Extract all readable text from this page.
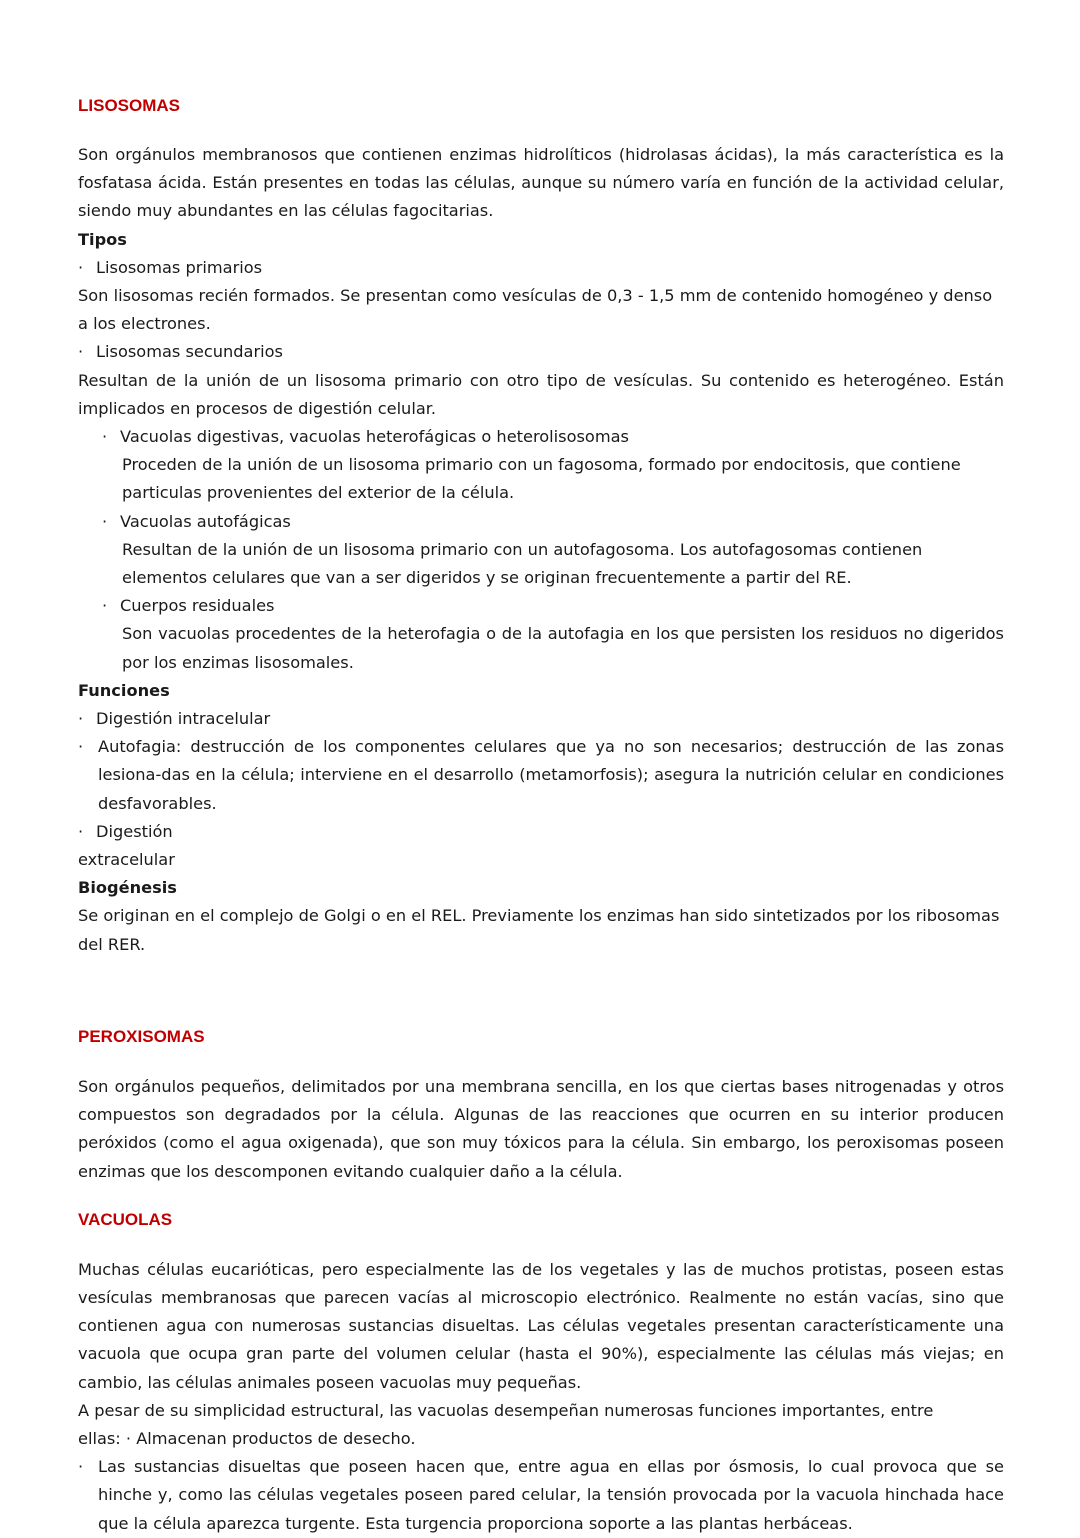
LISOSOMAS

Son orgánulos membranosos que contienen enzimas hidrolíticos (hidrolasas ácidas), la más característica es la fosfatasa ácida. Están presentes en todas las células, aunque su número varía en función de la actividad celular, siendo muy abundantes en las células fagocitarias.

Tipos

· Lisosomas primarios

Son lisosomas recién formados. Se presentan como vesículas de 0,3 - 1,5 mm de contenido homogéneo y denso a los electrones.

· Lisosomas secundarios

Resultan de la unión de un lisosoma primario con otro tipo de vesículas. Su contenido es heterogéneo. Están implicados en procesos de digestión celular.

· Vacuolas digestivas, vacuolas heterofágicas o heterolisosomas

Proceden de la unión de un lisosoma primario con un fagosoma, formado por endocitosis, que contiene particulas provenientes del exterior de la célula.

· Vacuolas autofágicas

Resultan de la unión de un lisosoma primario con un autofagosoma. Los autofagosomas contienen elementos celulares que van a ser digeridos y se originan frecuentemente a partir del RE.

· Cuerpos residuales

Son vacuolas procedentes de la heterofagia o de la autofagia en los que persisten los residuos no digeridos por los enzimas lisosomales.

Funciones

· Digestión intracelular

· Autofagia: destrucción de los componentes celulares que ya no son necesarios; destrucción de las zonas lesiona-das en la célula; interviene en el desarrollo (metamorfosis); asegura la nutrición celular en condiciones desfavorables.

· Digestión

extracelular

Biogénesis

Se originan en el complejo de Golgi o en el REL. Previamente los enzimas han sido sintetizados por los ribosomas del RER.

PEROXISOMAS

Son orgánulos pequeños, delimitados por una membrana sencilla, en los que ciertas bases nitrogenadas y otros compuestos son degradados por la célula. Algunas de las reacciones que ocurren en su interior producen peróxidos (como el agua oxigenada), que son muy tóxicos para la célula. Sin embargo, los peroxisomas poseen enzimas que los descomponen evitando cualquier daño a la célula.

VACUOLAS

Muchas células eucarióticas, pero especialmente las de los vegetales y las de muchos protistas, poseen estas vesículas membranosas que parecen vacías al microscopio electrónico. Realmente no están vacías, sino que contienen agua con numerosas sustancias disueltas. Las células vegetales presentan característicamente una vacuola que ocupa gran parte del volumen celular (hasta el 90%), especialmente las células más viejas; en cambio, las células animales poseen vacuolas muy pequeñas.

A pesar de su simplicidad estructural, las vacuolas desempeñan numerosas funciones importantes, entre

ellas: · Almacenan productos de desecho.

· Las sustancias disueltas que poseen hacen que, entre agua en ellas por ósmosis, lo cual provoca que se hinche y, como las células vegetales poseen pared celular, la tensión provocada por la vacuola hinchada hace que la célula aparezca turgente. Esta turgencia proporciona soporte a las plantas herbáceas.
